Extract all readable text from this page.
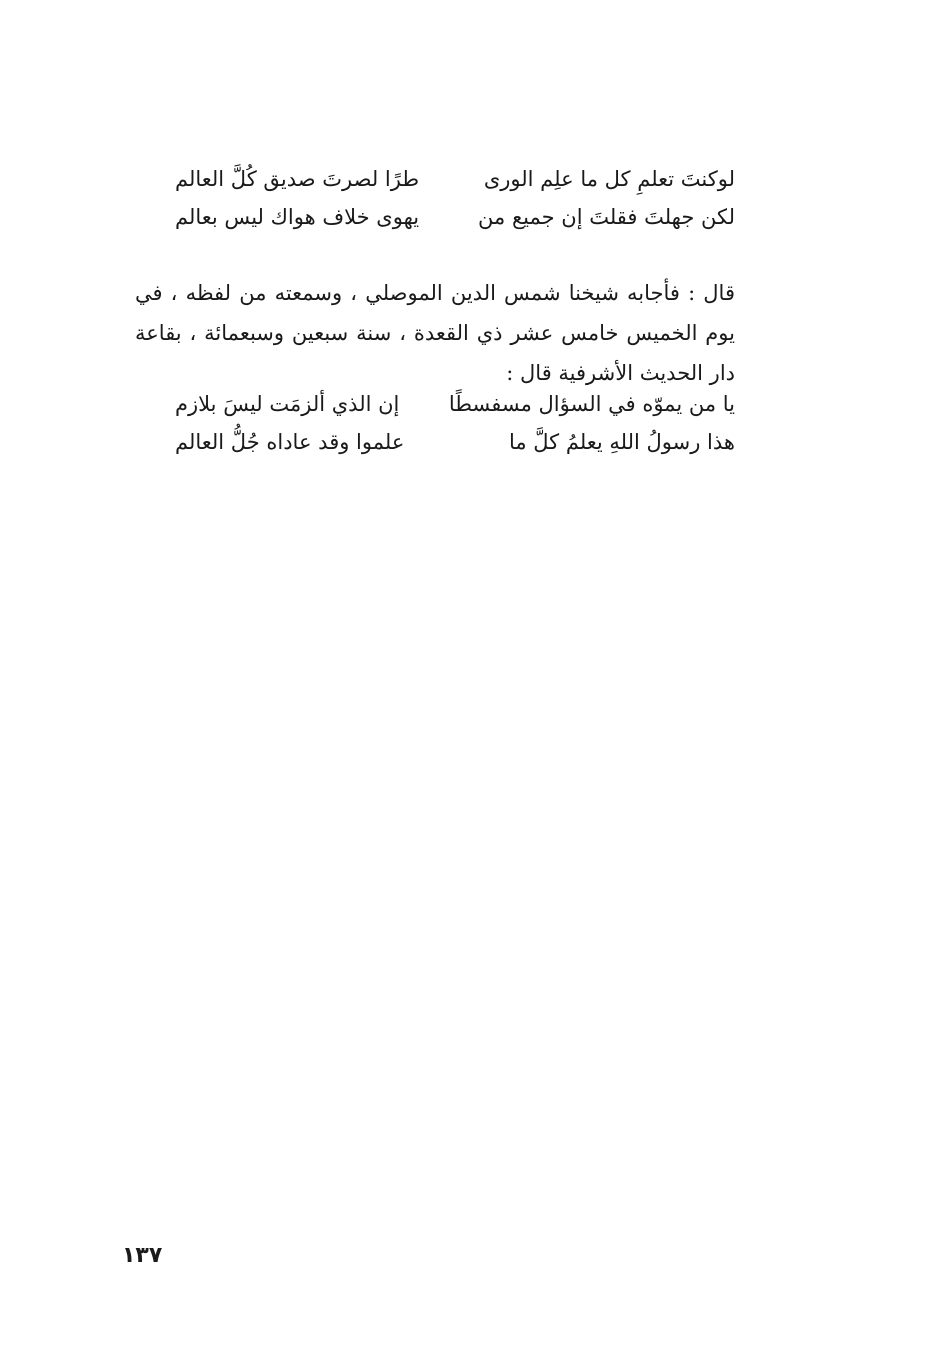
لوكنتَ تعلمِ كل ما علِم الورى
طرًا لصرتَ صديق كُلَّ العالم
لكن جهلتَ فقلتَ إن جميع من
يهوى خلاف هواك ليس بعالم

قال : فأجابه شيخنا شمس الدين الموصلي ، وسمعته من لفظه ، في يوم الخميس خامس عشر ذي القعدة ، سنة سبعين وسبعمائة ، بقاعة دار الحديث الأشرفية قال :

يا من يموّه في السؤال مسفسطًا
إن الذي ألزمَت ليسَ بلازم
هذا رسولُ اللهِ يعلمُ كلَّ ما
علموا وقد عاداه جُلُّ العالم
١٣٧
